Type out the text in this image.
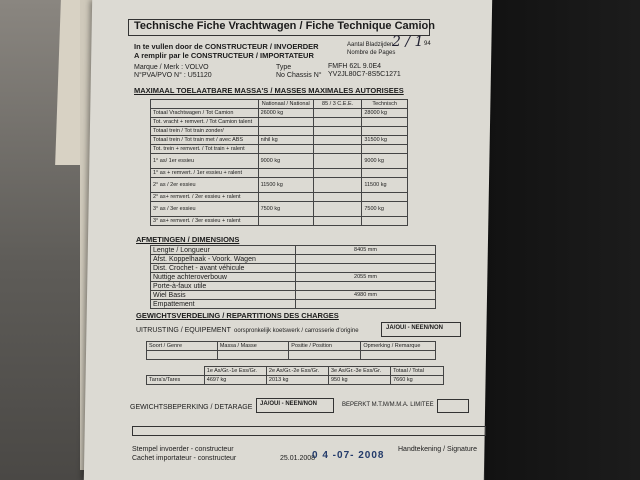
Technische Fiche Vrachtwagen / Fiche Technique Camion
In te vullen door de CONSTRUCTEUR / INVOERDER
A remplir par le CONSTRUCTEUR / IMPORTATEUR
Aantal Bladzijden
Nombre de Pages
2 / 1 94
Marque / Merk : VOLVO	Type	FMFH 62L 9.0E4
N°PVA/PVO N° : U51120	No Chassis N° YV2JL80C7-8S5C1271
MAXIMAAL TOELAATBARE MASSA'S / MASSES MAXIMALES AUTORISEES
	Nationaal / National	85 / 3 C.E.E.	Technisch
Totaal Vrachtwagen / Tot Camion	26000 kg		28000 kg
Tot. vracht + remvert. / Tot Camion talent			
Totaal trein / Tot train zonder/			
Totaal trein / Tot train met / avec ABS	nihil kg		31500 kg
Tot. trein + remvert. / Tot train + ralent			
1° as/ 1er essieu	9000 kg		9000 kg
1° as + remvert. / 1er essieu + ralent			
2° as / 2er essieu	11500 kg		11500 kg
2° as+ remvert. / 2er essieu + ralent			
3° as / 3er essieu	7500 kg		7500 kg
3° as+ remvert. / 3er essieu + ralent			
AFMETINGEN / DIMENSIONS
Lengte / Longueur	8405 mm
Afst. Koppelhaak - Voork. Wagen	
Dist. Crochet - avant véhicule	
Nuttige achteroverbouw	2055 mm
Porte-à-faux utile	
Wiel Basis	4980 mm
Empattement	
GEWICHTSVERDELING / REPARTITIONS DES CHARGES
UITRUSTING / EQUIPEMENT oorspronkelijk koetswerk / carrosserie d'origine	JA/OUI - NEEN/NON
Soort / Genre	Massa / Masse	Positie / Position	Opmerking / Remarque

	1e As/Gr.-1e Ess/Gr.	2e As/Gr.-2e Ess/Gr.	3e As/Gr.-3e Ess/Gr.	Totaal / Total
Tarra's/Tares	4697 kg	2013 kg	950 kg	7660 kg
GEWICHTSBEPERKING / DETARAGE JA/OUI - NEEN/NON	BEPERKT M.T.M/M.M.A. LIMITEE
Stempel invoerder - constructeur
Cachet importateur - constructeur	25.01.2008
0 4 -07- 2008
Handtekening / Signature
